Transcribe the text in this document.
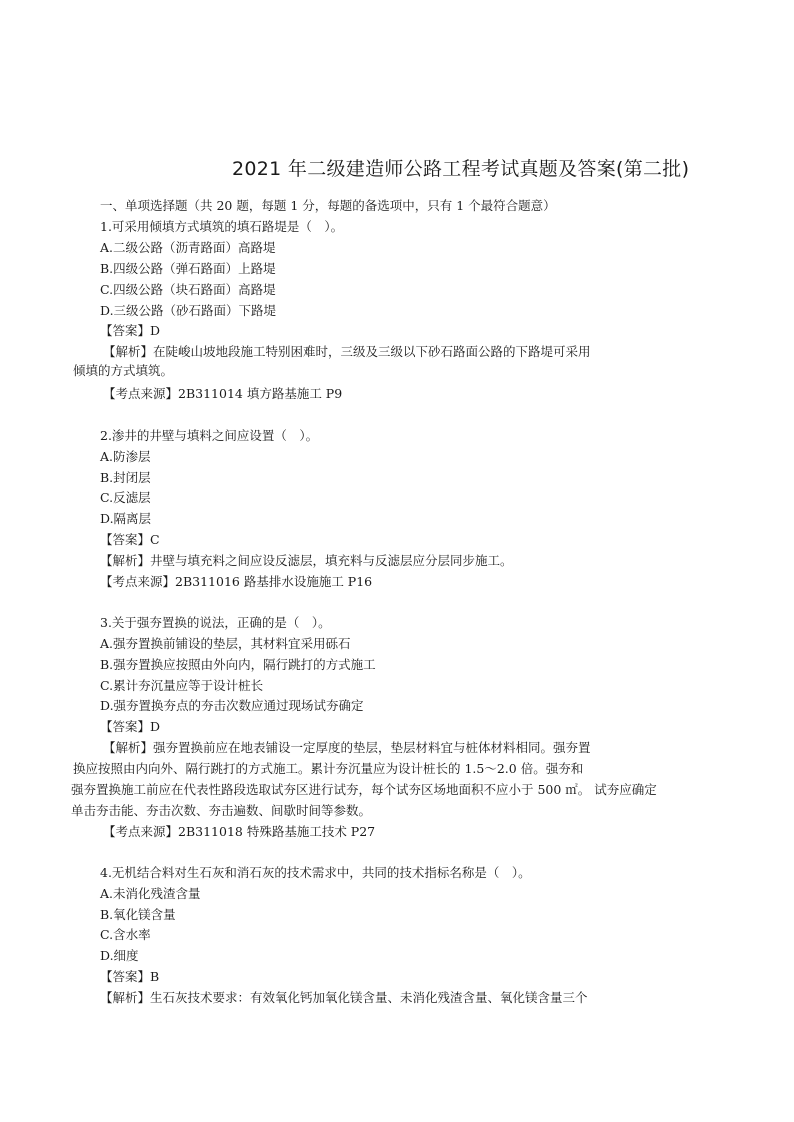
2021 年二级建造师公路工程考试真题及答案(第二批)
一、单项选择题（共 20 题，每题 1 分，每题的备选项中，只有 1 个最符合题意）
1.可采用倾填方式填筑的填石路堤是（　）。
A.二级公路（沥青路面）高路堤
B.四级公路（弹石路面）上路堤
C.四级公路（块石路面）高路堤
D.三级公路（砂石路面）下路堤
【答案】D
【解析】在陡峻山坡地段施工特别困难时，三级及三级以下砂石路面公路的下路堤可采用
倾填的方式填筑。
【考点来源】2B311014 填方路基施工 P9
2.渗井的井壁与填料之间应设置（　）。
A.防渗层
B.封闭层
C.反滤层
D.隔离层
【答案】C
【解析】井壁与填充料之间应设反滤层，填充料与反滤层应分层同步施工。
【考点来源】2B311016 路基排水设施施工 P16
3.关于强夯置换的说法，正确的是（　）。
A.强夯置换前铺设的垫层，其材料宜采用砾石
B.强夯置换应按照由外向内，隔行跳打的方式施工
C.累计夯沉量应等于设计桩长
D.强夯置换夯点的夯击次数应通过现场试夯确定
【答案】D
【解析】强夯置换前应在地表铺设一定厚度的垫层，垫层材料宜与桩体材料相同。强夯置
换应按照由内向外、隔行跳打的方式施工。累计夯沉量应为设计桩长的 1.5～2.0 倍。强夯和
强夯置换施工前应在代表性路段选取试夯区进行试夯，每个试夯区场地面积不应小于 500 ㎡。 试夯应确定
单击夯击能、夯击次数、夯击遍数、间歇时间等参数。
【考点来源】2B311018 特殊路基施工技术 P27
4.无机结合料对生石灰和消石灰的技术需求中，共同的技术指标名称是（　）。
A.未消化残渣含量
B.氧化镁含量
C.含水率
D.细度
【答案】B
【解析】生石灰技术要求：有效氧化钙加氧化镁含量、未消化残渣含量、氧化镁含量三个
